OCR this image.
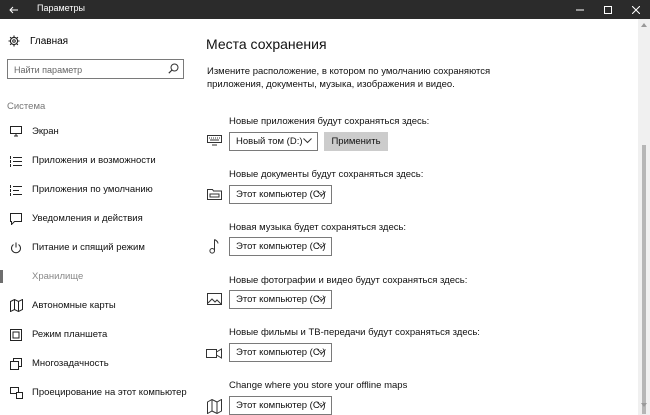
Параметры
Главная
Найти параметр
Система
Экран
Приложения и возможности
Приложения по умолчанию
Уведомления и действия
Питание и спящий режим
Хранилище
Автономные карты
Режим планшета
Многозадачность
Проецирование на этот компьютер
Места сохранения

Измените расположение, в котором по умолчанию сохраняются приложения, документы, музыка, изображения и видео.

Новые приложения будут сохраняться здесь:
Новый том (D:)	Применить
Новые документы будут сохраняться здесь:
Этот компьютер (C:)
Новая музыка будет сохраняться здесь:
Этот компьютер (C:)
Новые фотографии и видео будут сохраняться здесь:
Этот компьютер (C:)
Новые фильмы и ТВ-передачи будут сохраняться здесь:
Этот компьютер (C:)
Change where you store your offline maps
Этот компьютер (C:)
